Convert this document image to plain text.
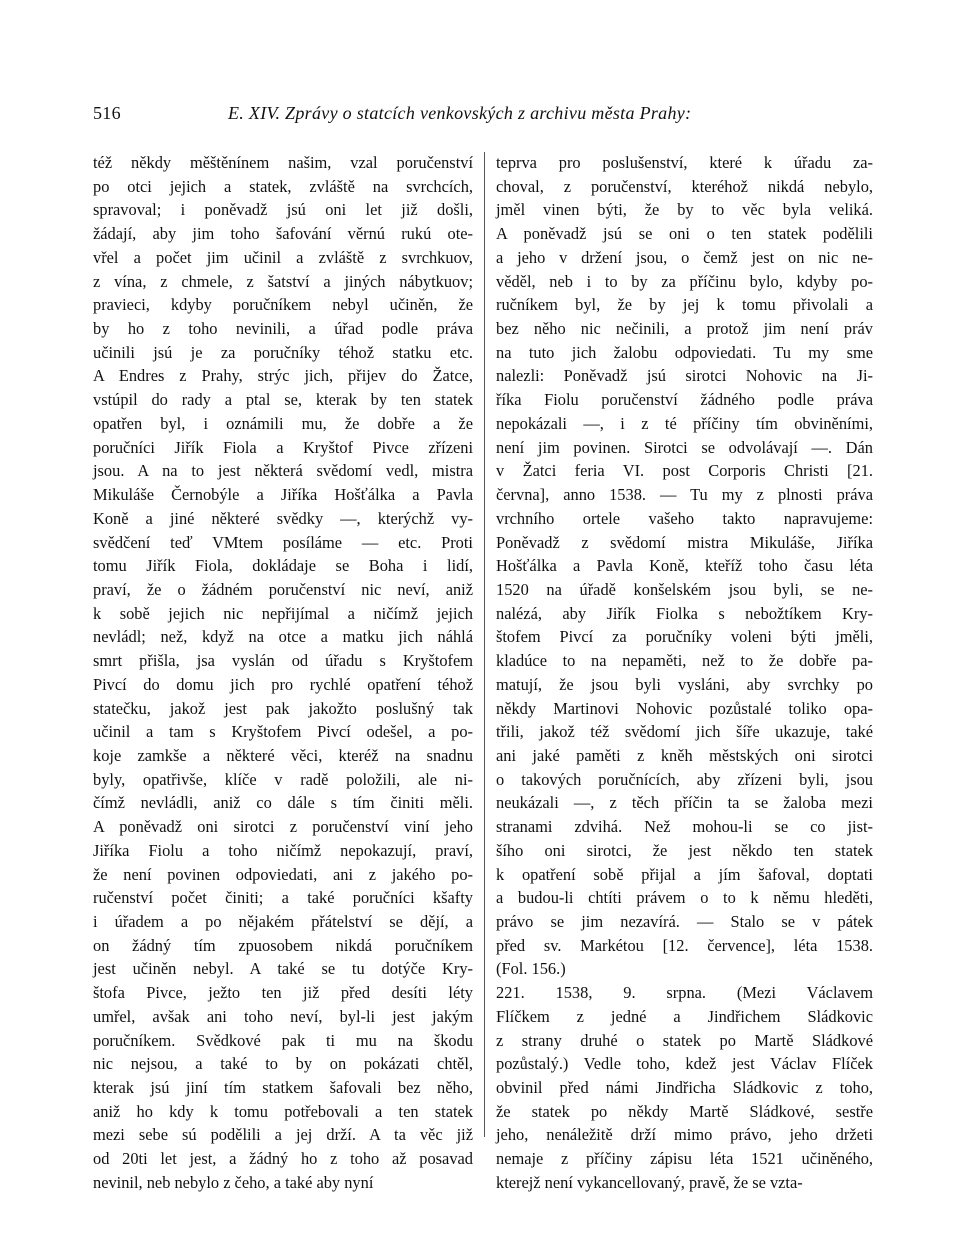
516	E. XIV. Zprávy o statcích venkovských z archivu města Prahy:
též někdy měštěnínem našim, vzal poručenství
po otci jejich a statek, zvláště na svrchcích,
spravoval; i poněvadž jsú oni let již došli,
žádají, aby jim toho šafování věrnú rukú ote-
vřel a počet jim učinil a zvláště z svrchkuov,
z vína, z chmele, z šatství a jiných nábytkuov;
pravieci, kdyby poručníkem nebyl učiněn, že
by ho z toho nevinili, a úřad podle práva
učinili jsú je za poručníky téhož statku etc.
A Endres z Prahy, strýc jich, přijev do Žatce,
vstúpil do rady a ptal se, kterak by ten statek
opatřen byl, i oznámili mu, že dobře a že
poručníci Jiřík Fiola a Kryštof Pivce zřízeni
jsou. A na to jest některá svědomí vedl, mistra
Mikuláše Černobýle a Jiříka Hošťálka a Pavla
Koně a jiné některé svědky —, kterýchž vy-
svědčení teď VMtem posíláme — etc. Proti
tomu Jiřík Fiola, dokládaje se Boha i lidí,
praví, že o žádném poručenství nic neví, aniž
k sobě jejich nic nepřijímal a ničímž jejich
nevládl; než, když na otce a matku jich náhlá
smrt přišla, jsa vyslán od úřadu s Kryštofem
Pivcí do domu jich pro rychlé opatření téhož
statečku, jakož jest pak jakožto poslušný tak
učinil a tam s Kryštofem Pivcí odešel, a po-
koje zamkše a některé věci, kteréž na snadnu
byly, opatřivše, klíče v radě položili, ale ni-
čímž nevládli, aniž co dále s tím činiti měli.
A poněvadž oni sirotci z poručenství viní jeho
Jiříka Fiolu a toho ničímž nepokazují, praví,
že není povinen odpoviedati, ani z jakého po-
ručenství počet činiti; a také poručníci kšafty
i úřadem a po nějakém přátelství se dějí, a
on žádný tím zpuosobem nikdá poručníkem
jest učiněn nebyl. A také se tu dotýče Kry-
štofa Pivce, ježto ten již před desíti léty
umřel, avšak ani toho neví, byl-li jest jakým
poručníkem. Svědkové pak ti mu na škodu
nic nejsou, a také to by on pokázati chtěl,
kterak jsú jiní tím statkem šafovali bez něho,
aniž ho kdy k tomu potřebovali a ten statek
mezi sebe sú podělili a jej drží. A ta věc již
od 20ti let jest, a žádný ho z toho až posavad
nevinil, neb nebylo z čeho, a také aby nyní
teprva pro poslušenství, které k úřadu za-
choval, z poručenství, kteréhož nikdá nebylo,
jměl vinen býti, že by to věc byla veliká.
A poněvadž jsú se oni o ten statek podělili
a jeho v držení jsou, o čemž jest on nic ne-
věděl, neb i to by za příčinu bylo, kdyby po-
ručníkem byl, že by jej k tomu přivolali a
bez něho nic nečinili, a protož jim není práv
na tuto jich žalobu odpoviedati. Tu my sme
nalezli: Poněvadž jsú sirotci Nohovic na Ji-
říka Fiolu poručenství žádného podle práva
nepokázali —, i z té příčiny tím obviněními,
není jim povinen. Sirotci se odvolávají —. Dán
v Žatci feria VI. post Corporis Christi [21.
června], anno 1538. — Tu my z plnosti práva
vrchního ortele vašeho takto napravujeme:
Poněvadž z svědomí mistra Mikuláše, Jiříka
Hošťálka a Pavla Koně, kteříž toho času léta
1520 na úřadě konšelském jsou byli, se ne-
nalézá, aby Jiřík Fiolka s nebožtíkem Kry-
štofem Pivcí za poručníky voleni býti jměli,
kladúce to na nepaměti, než to že dobře pa-
matují, že jsou byli vysláni, aby svrchky po
někdy Martinovi Nohovic pozůstalé toliko opa-
třili, jakož též svědomí jich šíře ukazuje, také
ani jaké paměti z kněh městských oni sirotci
o takových poručnících, aby zřízeni byli, jsou
neukázali —, z těch příčin ta se žaloba mezi
stranami zdvihá. Než mohou-li se co jist-
šího oni sirotci, že jest někdo ten statek
k opatření sobě přijal a jím šafoval, doptati
a budou-li chtíti právem o to k němu hleděti,
právo se jim nezavírá. — Stalo se v pátek
před sv. Markétou [12. července], léta 1538.
(Fol. 156.)
221. 1538, 9. srpna. (Mezi Václavem
Flíčkem z jedné a Jindřichem Sládkovic
z strany druhé o statek po Martě Sládkové
pozůstalý.) Vedle toho, kdež jest Václav Flíček
obvinil před námi Jindřicha Sládkovic z toho,
že statek po někdy Martě Sládkové, sestře
jeho, nenáležitě drží mimo právo, jeho držeti
nemaje z příčiny zápisu léta 1521 učiněného,
kterejž není vykancellovaný, pravě, že se vzta-
